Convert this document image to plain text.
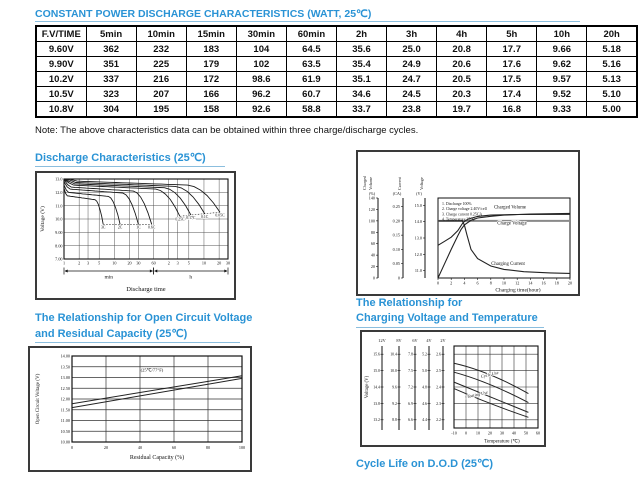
CONSTANT POWER DISCHARGE CHARACTERISTICS (WATT, 25℃)
F.V/TIME	5min	10min	15min	30min	60min	2h	3h	4h	5h	10h	20h
9.60V	362	232	183	104	64.5	35.6	25.0	20.8	17.7	9.66	5.18
9.90V	351	225	179	102	63.5	35.4	24.9	20.6	17.6	9.62	5.16
10.2V	337	216	172	98.6	61.9	35.1	24.7	20.5	17.5	9.57	5.13
10.5V	323	207	166	96.2	60.7	34.6	24.5	20.3	17.4	9.52	5.10
10.8V	304	195	158	92.6	58.8	33.7	23.8	19.7	16.8	9.33	5.00
Note: The above characteristics data can be obtained within three charge/discharge cycles.
Discharge Characteristics (25℃)
13.0
12.0
11.0
10.0
9.00
8.00
7.00
Voltage (V)
1	2 3 5	10	20 30	60	2 3 5	10	20 30
3C	2C	1C 0.6C
0.25C 0.17C 0.1C 0.05C
min	h
Discharge time
Charged Volume	Current	Voltage
(%)	(CA)	(V)
140
120
100
80
60
40
20
0
0.25
0.20
0.15
0.10
0.05
0
15.0
14.0
13.0
12.0
11.0
1. Discharge 100%
2. Charge voltage 2.40V/cell
3. Charge current 0.25CA
4. Temperature 25℃
0	2	4	6	8 10 12 14 16 18 20
Charging time(hour)
Charged Volume
Charge Voltage
Charging Current
The Relationship for Open Circuit Voltage
and Residual Capacity (25℃)
14.00
13.50
13.00
12.50
12.00
11.50
11.00
10.50
10.00
Open Circuit Voltage (V)
0	20	40	60	80	100
Residual Capacity (%)
(25℃/77°F)
The Relationship for
Charging Voltage and Temperature
Voltage (V)
12V
15.6
15.0
14.4
13.8
13.2
8V
10.4
10.0
9.6
9.2
8.8
6V
7.8
7.5
7.2
6.9
6.6
4V
5.2
5.0
4.8
4.6
4.4
2V
2.6
2.5
2.4
2.3
2.2
-10 0 10 20 30 40 50 60
Temperature (℃)
Cycle Use
Floating Use
Cycle Life on D.O.D (25℃)
